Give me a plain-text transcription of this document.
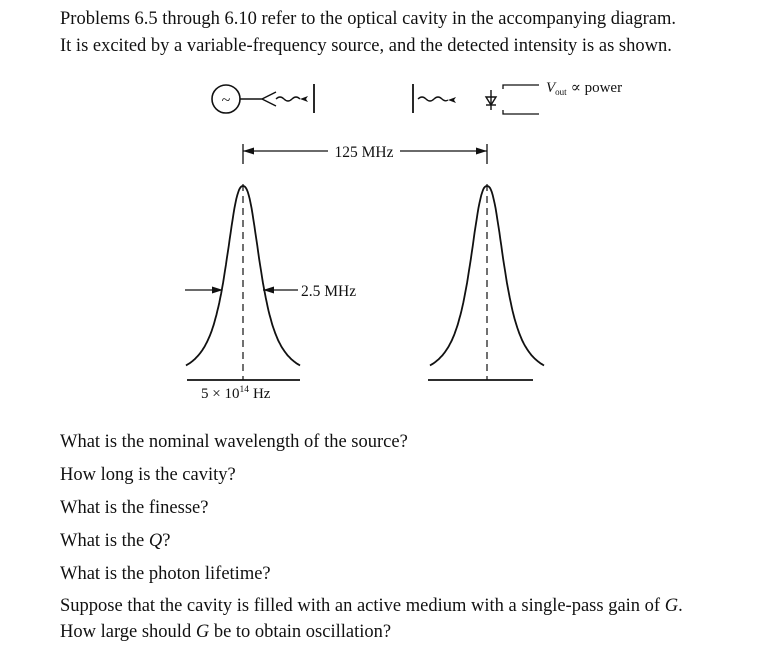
Problems 6.5 through 6.10 refer to the optical cavity in the accompanying diagram.
It is excited by a variable-frequency source, and the detected intensity is as shown.
~
$V_{out}$ ∝ power
125 MHz
2.5 MHz
$5 \times 10^{14}$ Hz
What is the nominal wavelength of the source?
How long is the cavity?
What is the finesse?
What is the Q?
What is the photon lifetime?
Suppose that the cavity is filled with an active medium with a single-pass gain of G.
How large should G be to obtain oscillation?
